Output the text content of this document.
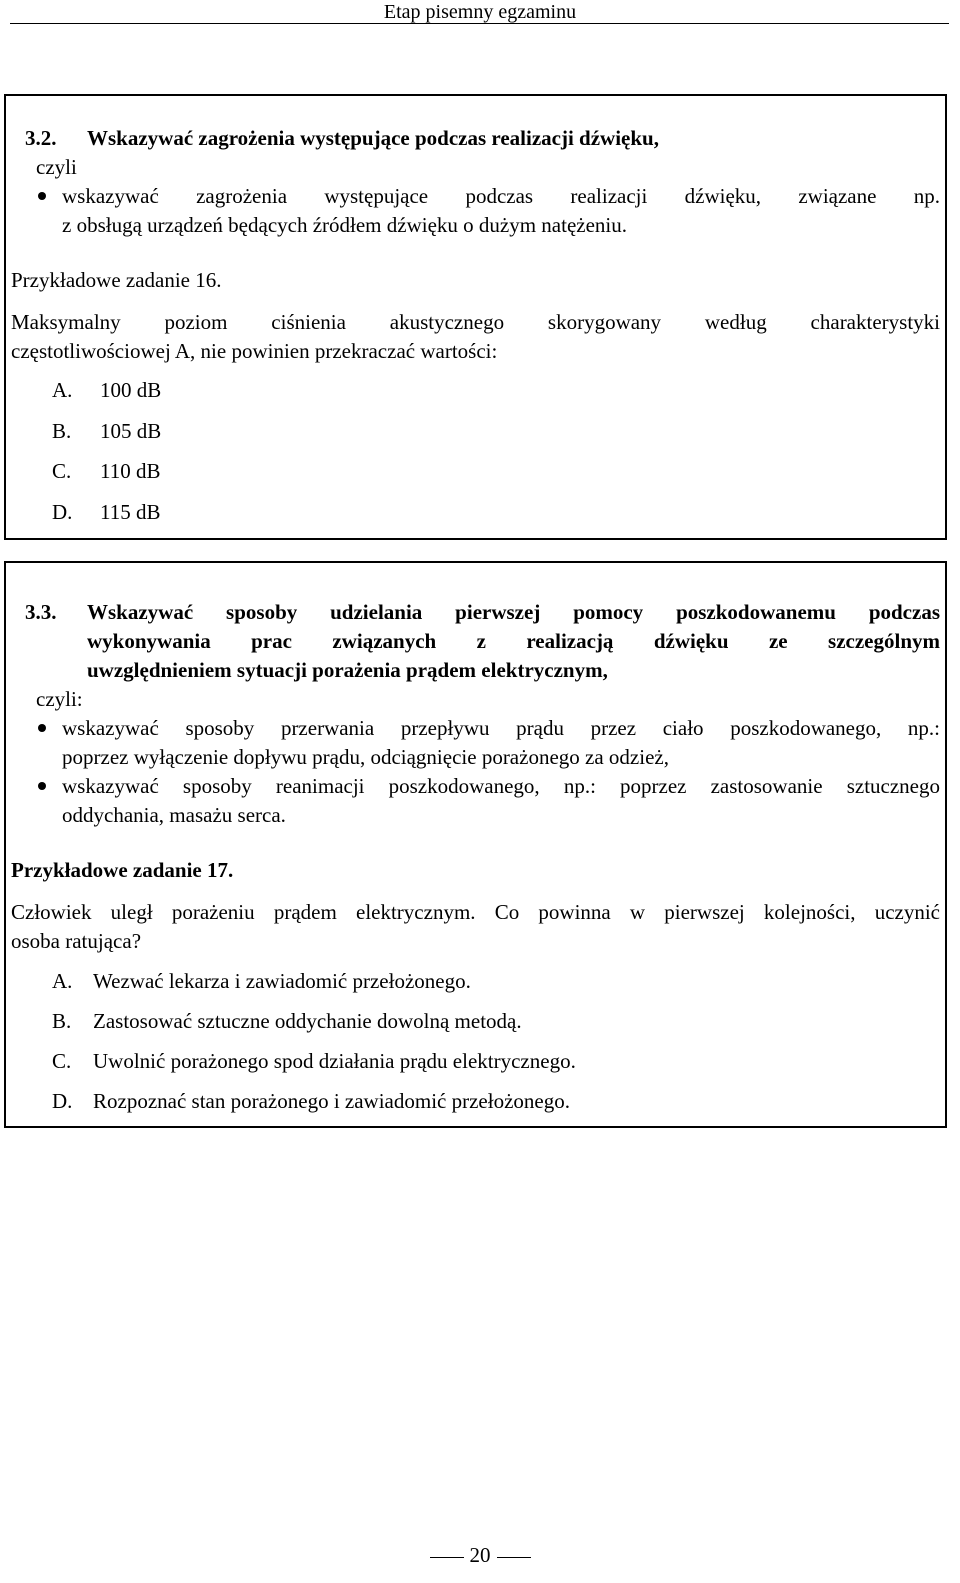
Etap pisemny egzaminu
3.2. Wskazywać zagrożenia występujące podczas realizacji dźwięku,
czyli
wskazywać zagrożenia występujące podczas realizacji dźwięku, związane np.
z obsługą urządzeń będących źródłem dźwięku o dużym natężeniu.
Przykładowe zadanie 16.
Maksymalny poziom ciśnienia akustycznego skorygowany według charakterystyki
częstotliwościowej A, nie powinien przekraczać wartości:
A. 100 dB
B. 105 dB
C. 110 dB
D. 115 dB
3.3. Wskazywać sposoby udzielania pierwszej pomocy poszkodowanemu podczas
wykonywania prac związanych z realizacją dźwięku ze szczególnym
uwzględnieniem sytuacji porażenia prądem elektrycznym,
czyli:
wskazywać sposoby przerwania przepływu prądu przez ciało poszkodowanego, np.:
poprzez wyłączenie dopływu prądu, odciągnięcie porażonego za odzież,
wskazywać sposoby reanimacji poszkodowanego, np.: poprzez zastosowanie sztucznego
oddychania, masażu serca.
Przykładowe zadanie 17.
Człowiek uległ porażeniu prądem elektrycznym. Co powinna w pierwszej kolejności, uczynić
osoba ratująca?
A. Wezwać lekarza i zawiadomić przełożonego.
B. Zastosować sztuczne oddychanie dowolną metodą.
C. Uwolnić porażonego spod działania prądu elektrycznego.
D. Rozpoznać stan porażonego i zawiadomić przełożonego.
20
